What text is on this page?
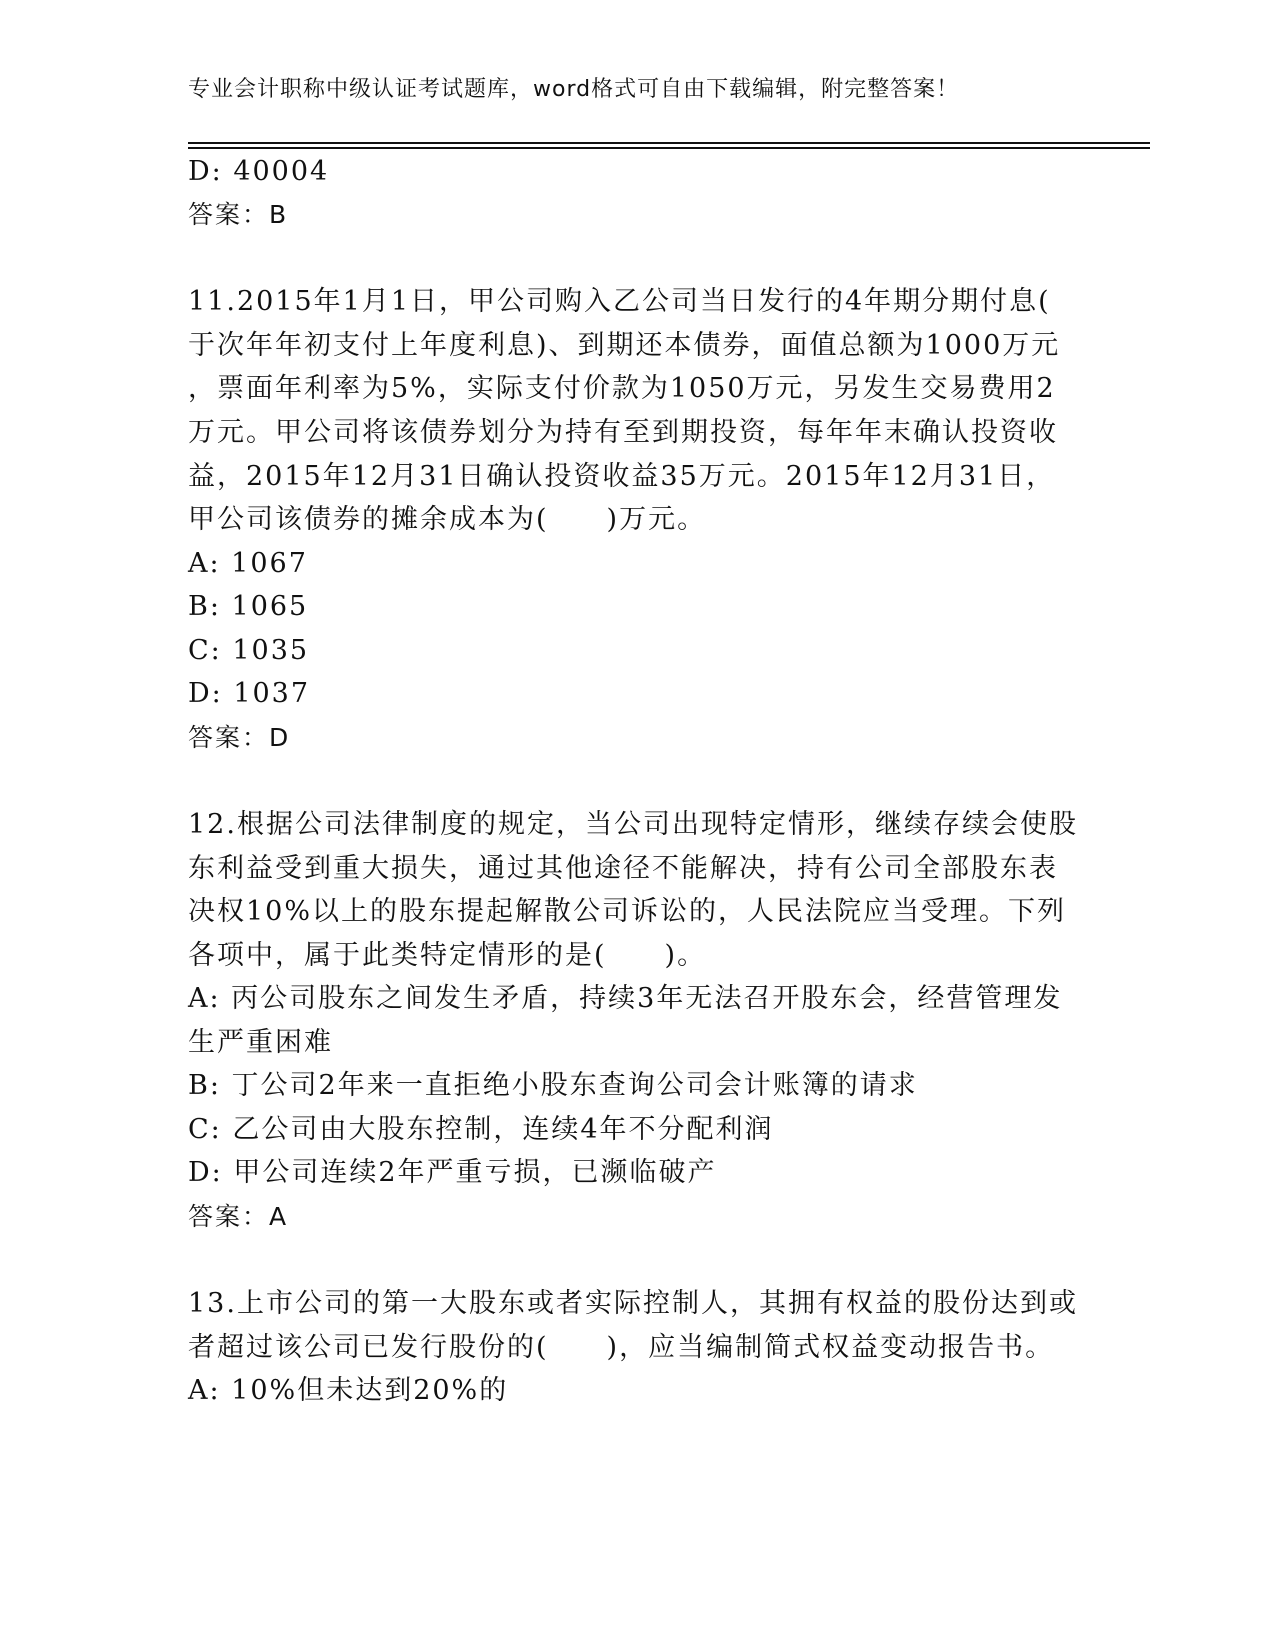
专业会计职称中级认证考试题库，word格式可自由下载编辑，附完整答案！
D: 40004
答案：B
11.2015年1月1日，甲公司购入乙公司当日发行的4年期分期付息(
于次年年初支付上年度利息)、到期还本债券，面值总额为1000万元
，票面年利率为5%，实际支付价款为1050万元，另发生交易费用2
万元。甲公司将该债券划分为持有至到期投资，每年年末确认投资收
益，2015年12月31日确认投资收益35万元。2015年12月31日，
甲公司该债券的摊余成本为(　　)万元。
A: 1067
B: 1065
C: 1035
D: 1037
答案：D
12.根据公司法律制度的规定，当公司出现特定情形，继续存续会使股
东利益受到重大损失，通过其他途径不能解决，持有公司全部股东表
决权10%以上的股东提起解散公司诉讼的，人民法院应当受理。下列
各项中，属于此类特定情形的是(　　)。
A: 丙公司股东之间发生矛盾，持续3年无法召开股东会，经营管理发
生严重困难
B: 丁公司2年来一直拒绝小股东查询公司会计账簿的请求
C: 乙公司由大股东控制，连续4年不分配利润
D: 甲公司连续2年严重亏损，已濒临破产
答案：A
13.上市公司的第一大股东或者实际控制人，其拥有权益的股份达到或
者超过该公司已发行股份的(　　)，应当编制简式权益变动报告书。
A: 10%但未达到20%的
